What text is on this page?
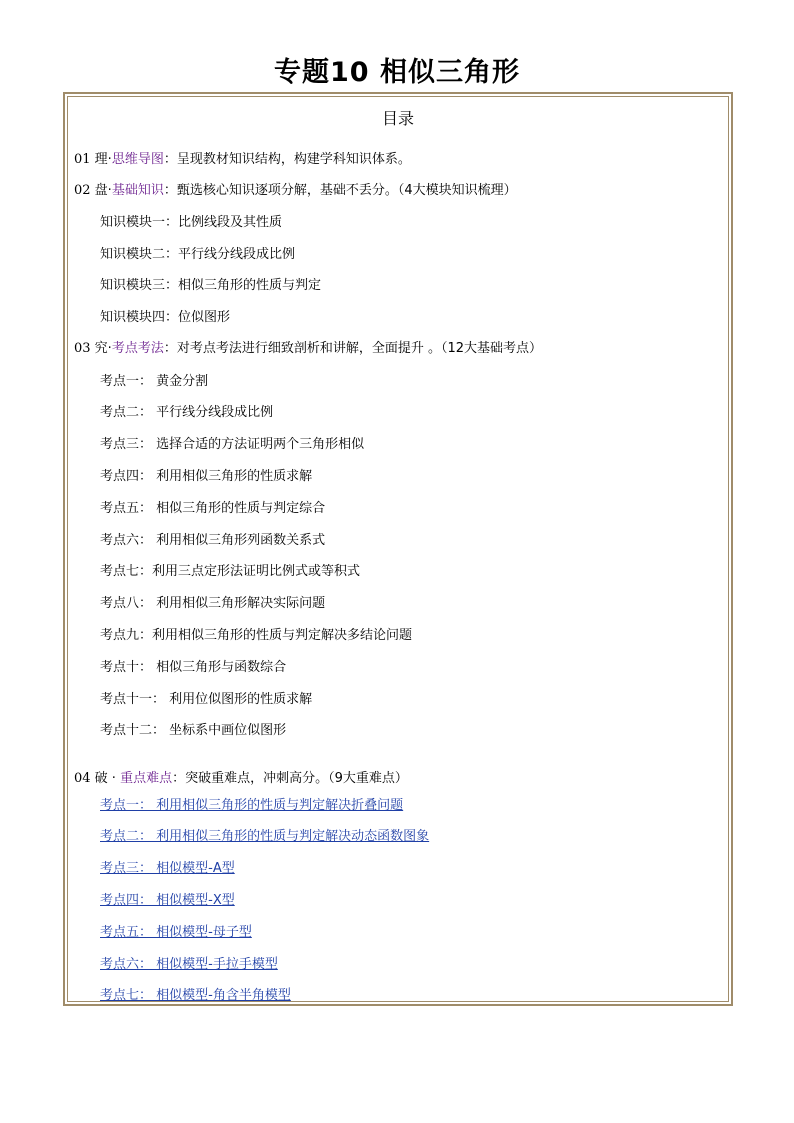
专题10 相似三角形
目录
01 理·思维导图：呈现教材知识结构，构建学科知识体系。
02 盘·基础知识：甄选核心知识逐项分解，基础不丢分。（4大模块知识梳理）
知识模块一：比例线段及其性质
知识模块二：平行线分线段成比例
知识模块三：相似三角形的性质与判定
知识模块四：位似图形
03 究·考点考法：对考点考法进行细致剖析和讲解，全面提升 。（12大基础考点）
考点一： 黄金分割
考点二： 平行线分线段成比例
考点三： 选择合适的方法证明两个三角形相似
考点四： 利用相似三角形的性质求解
考点五： 相似三角形的性质与判定综合
考点六： 利用相似三角形列函数关系式
考点七：利用三点定形法证明比例式或等积式
考点八： 利用相似三角形解决实际问题
考点九：利用相似三角形的性质与判定解决多结论问题
考点十： 相似三角形与函数综合
考点十一： 利用位似图形的性质求解
考点十二： 坐标系中画位似图形
04 破 · 重点难点：突破重难点，冲刺高分。（9大重难点）
考点一： 利用相似三角形的性质与判定解决折叠问题
考点二： 利用相似三角形的性质与判定解决动态函数图象
考点三： 相似模型-A型
考点四： 相似模型-X型
考点五： 相似模型-母子型
考点六： 相似模型-手拉手模型
考点七： 相似模型-角含半角模型
